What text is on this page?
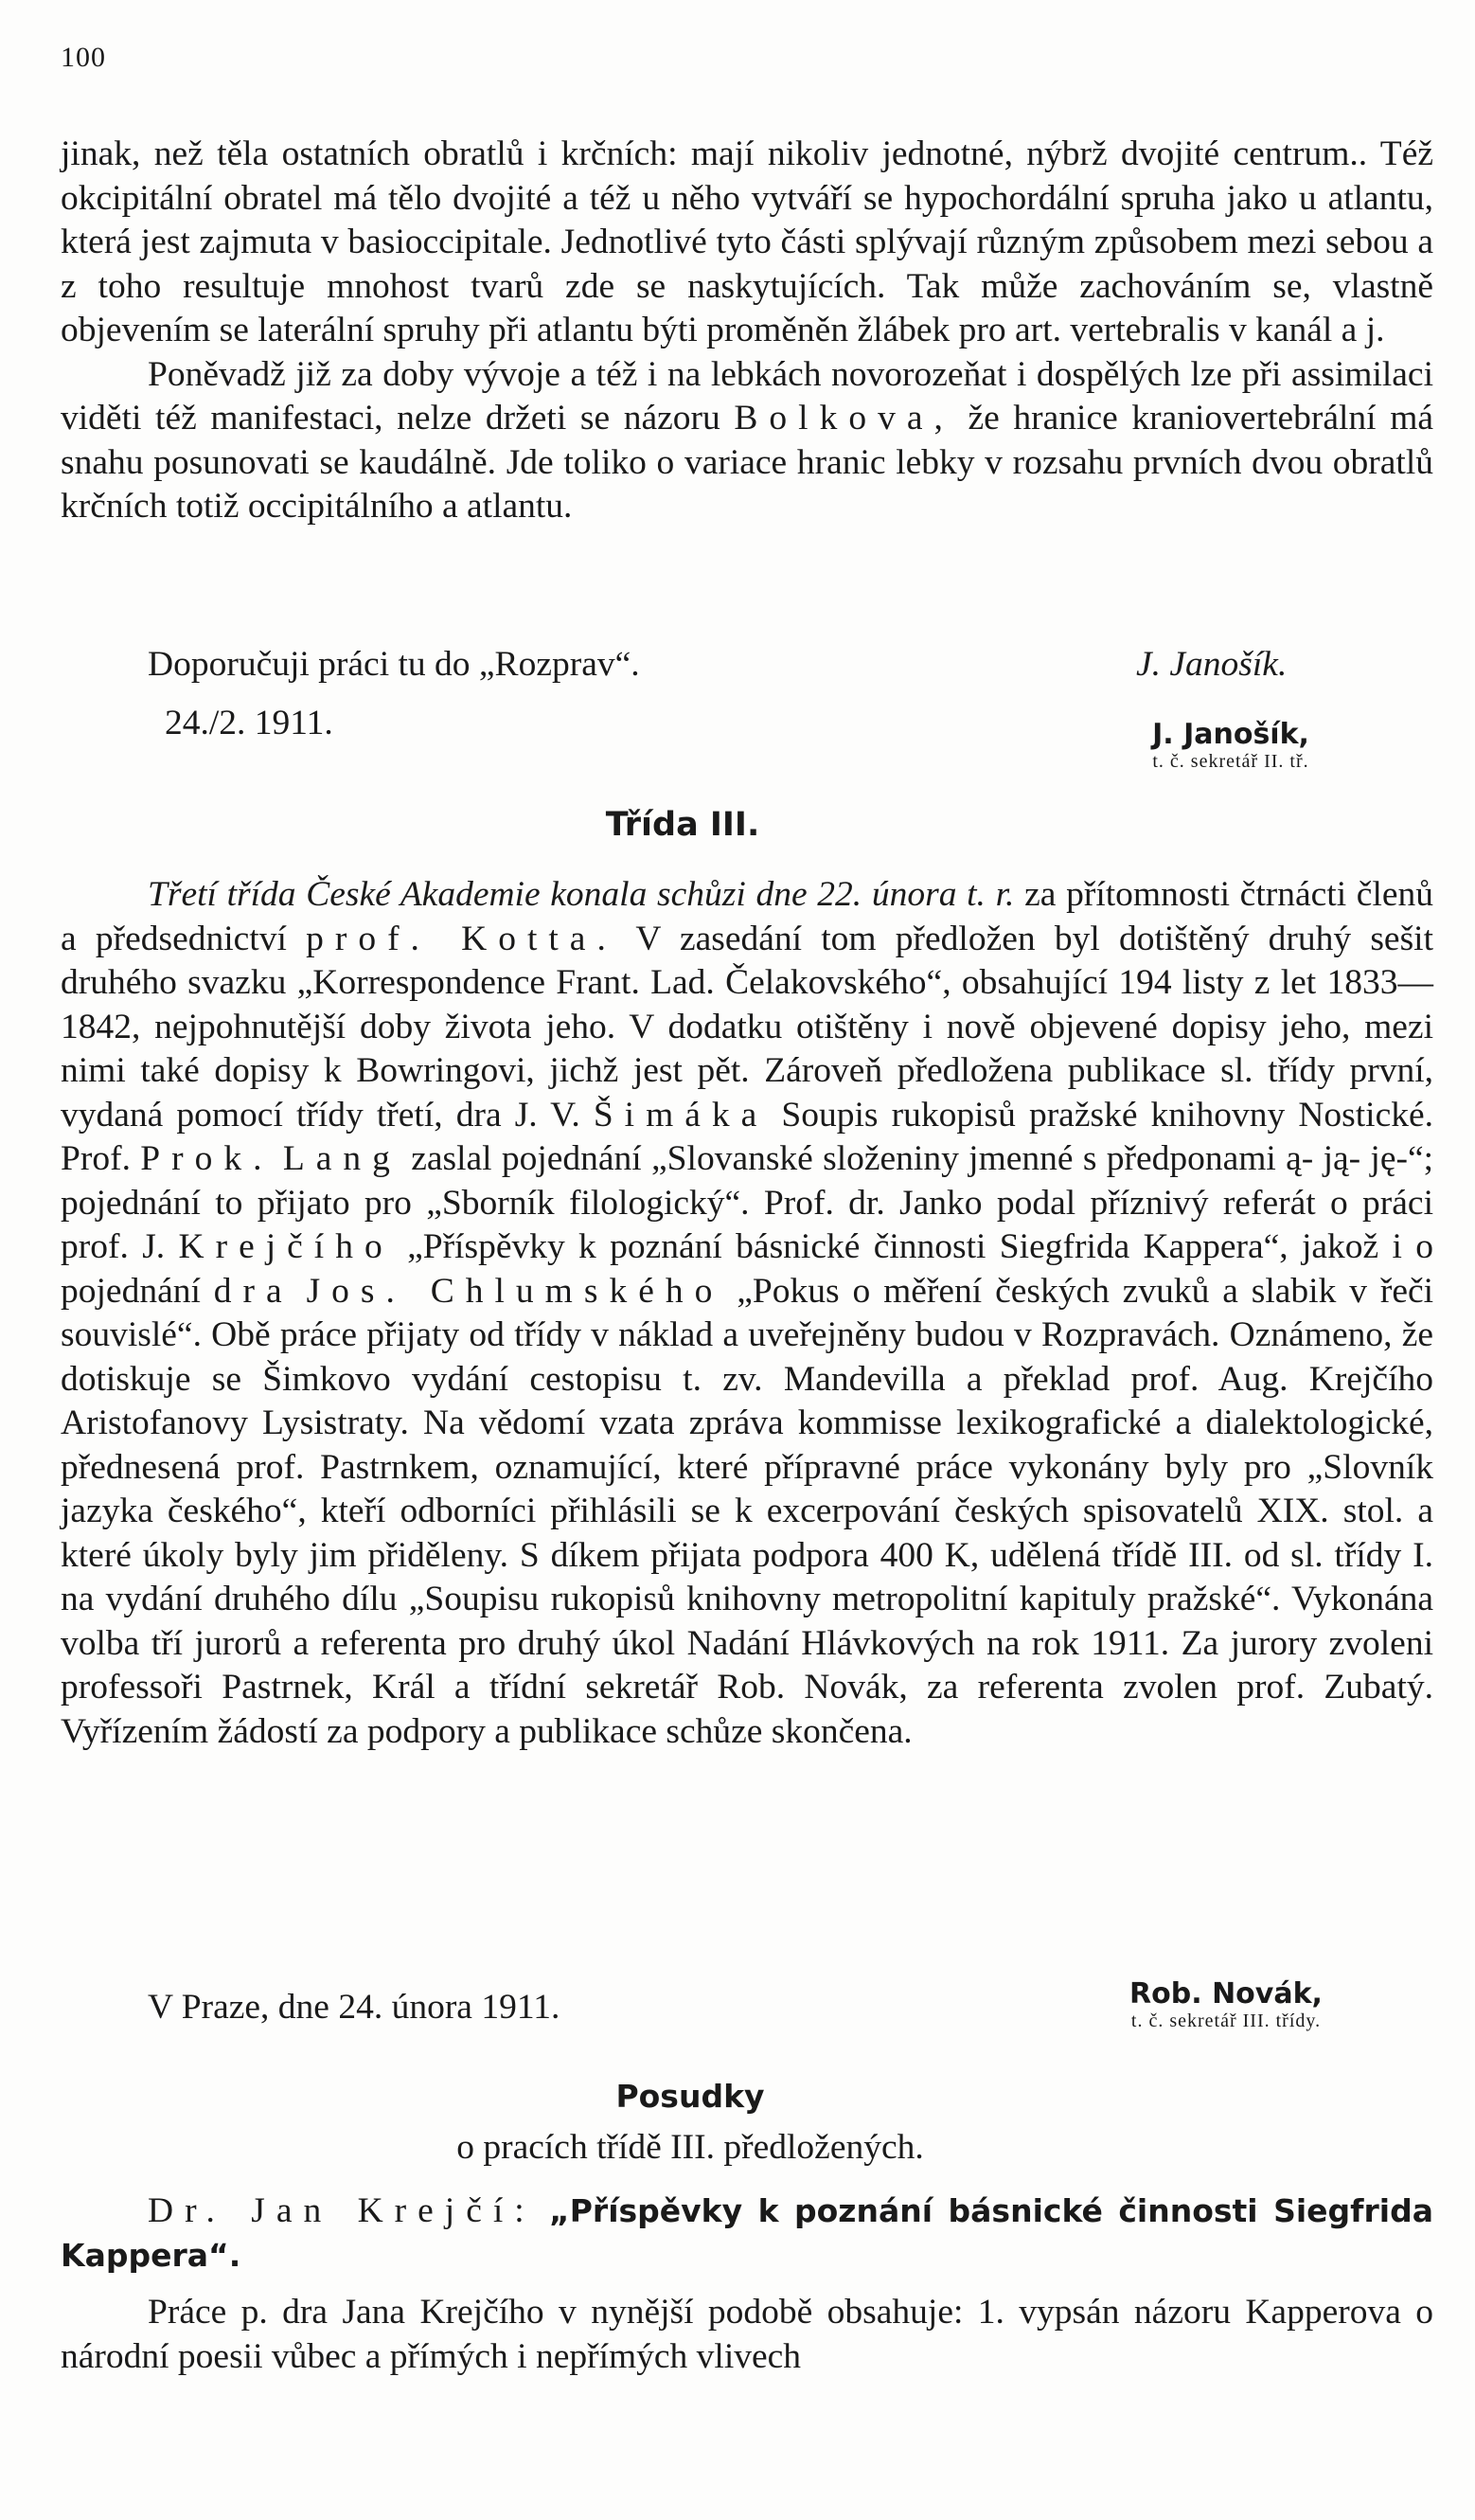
100

jinak, než těla ostatních obratlů i krčních: mají nikoliv jednotné, nýbrž dvojité centrum.. Též okcipitální obratel má tělo dvojité a též u něho vytváří se hypochordální spruha jako u atlantu, která jest zajmuta v basioccipitale. Jednotlivé tyto části splývají různým způsobem mezi sebou a z toho resultuje mnohost tvarů zde se naskytujících. Tak může zachováním se, vlastně objevením se laterální spruhy při atlantu býti proměněn žlábek pro art. vertebralis v kanál a j.

Poněvadž již za doby vývoje a též i na lebkách novorozeňat i dospělých lze při assimilaci viděti též manifestaci, nelze držeti se názoru Bolkova, že hranice kraniovertebrální má snahu posunovati se kaudálně. Jde toliko o variace hranic lebky v rozsahu prvních dvou obratlů krčních totiž occipitálního a atlantu.

Doporučuji práci tu do „Rozprav“.	J. Janošík.
24./2. 1911.	J. Janošík,
t. č. sekretář II. tř.
Třída III.

Třetí třída České Akademie konala schůzi dne 22. února t. r. za přítomnosti čtrnácti členů a předsednictví prof. Kotta. V zasedání tom předložen byl dotištěný druhý sešit druhého svazku „Korrespondence Frant. Lad. Čelakovského“, obsahující 194 listy z let 1833—1842, nejpohnutější doby života jeho. V dodatku otištěny i nově objevené dopisy jeho, mezi nimi také dopisy k Bowringovi, jichž jest pět. Zároveň předložena publikace sl. třídy první, vydaná pomocí třídy třetí, dra J. V. Šimáka Soupis rukopisů pražské knihovny Nostické. Prof. Prok. Lang zaslal pojednání „Slovanské složeniny jmenné s předponami ą- ją- ję-“; pojednání to přijato pro „Sborník filologický“. Prof. dr. Janko podal příznivý referát o práci prof. J. Krejčího „Příspěvky k poznání básnické činnosti Siegfrida Kappera“, jakož i o pojednání dra Jos. Chlumského „Pokus o měření českých zvuků a slabik v řeči souvislé“. Obě práce přijaty od třídy v náklad a uveřejněny budou v Rozpravách. Oznámeno, že dotiskuje se Šimkovo vydání cestopisu t. zv. Mandevilla a překlad prof. Aug. Krejčího Aristofanovy Lysistraty. Na vědomí vzata zpráva kommisse lexikografické a dialektologické, přednesená prof. Pastrnkem, oznamující, které přípravné práce vykonány byly pro „Slovník jazyka českého“, kteří odborníci přihlásili se k excerpování českých spisovatelů XIX. stol. a které úkoly byly jim přiděleny. S díkem přijata podpora 400 K, udělená třídě III. od sl. třídy I. na vydání druhého dílu „Soupisu rukopisů knihovny metropolitní kapituly pražské“. Vykonána volba tří jurorů a referenta pro druhý úkol Nadání Hlávkových na rok 1911. Za jurory zvoleni professoři Pastrnek, Král a třídní sekretář Rob. Novák, za referenta zvolen prof. Zubatý. Vyřízením žádostí za podpory a publikace schůze skončena.

V Praze, dne 24. února 1911.	Rob. Novák,
t. č. sekretář III. třídy.
Posudky
o pracích třídě III. předložených.

Dr. Jan Krejčí: „Příspěvky k poznání básnické činnosti Siegfrida Kappera“.

Práce p. dra Jana Krejčího v nynější podobě obsahuje: 1. vypsán názoru Kapperova o národní poesii vůbec a přímých i nepřímých vlivech
